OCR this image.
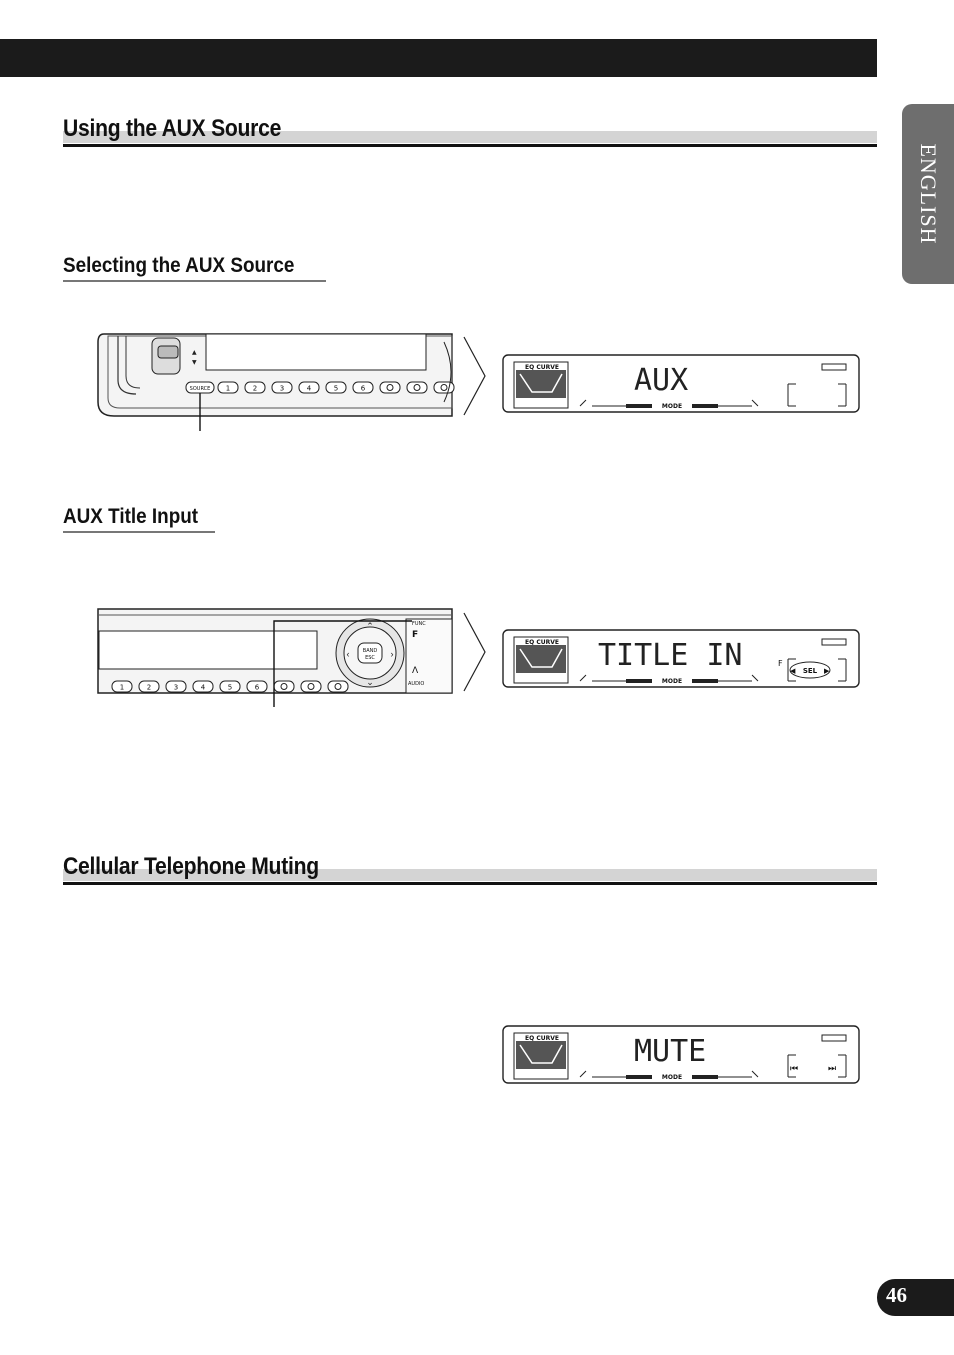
ENGLISH
Using the AUX Source
Selecting the AUX Source
▲
▼
SOURCE 1	2	3	4	5	6
EQ CURVE	AUX
MODE
AUX Title Input
BAND
ESC
⌃
⌄
‹	›
FUNC
F
Λ
AUDIO
1	2	3	4	5	6
EQ CURVE TITLE IN
MODE
F
SEL
◀	▶
Cellular Telephone Muting
EQ CURVE	MUTE
MODE
⏮	⏭
46
